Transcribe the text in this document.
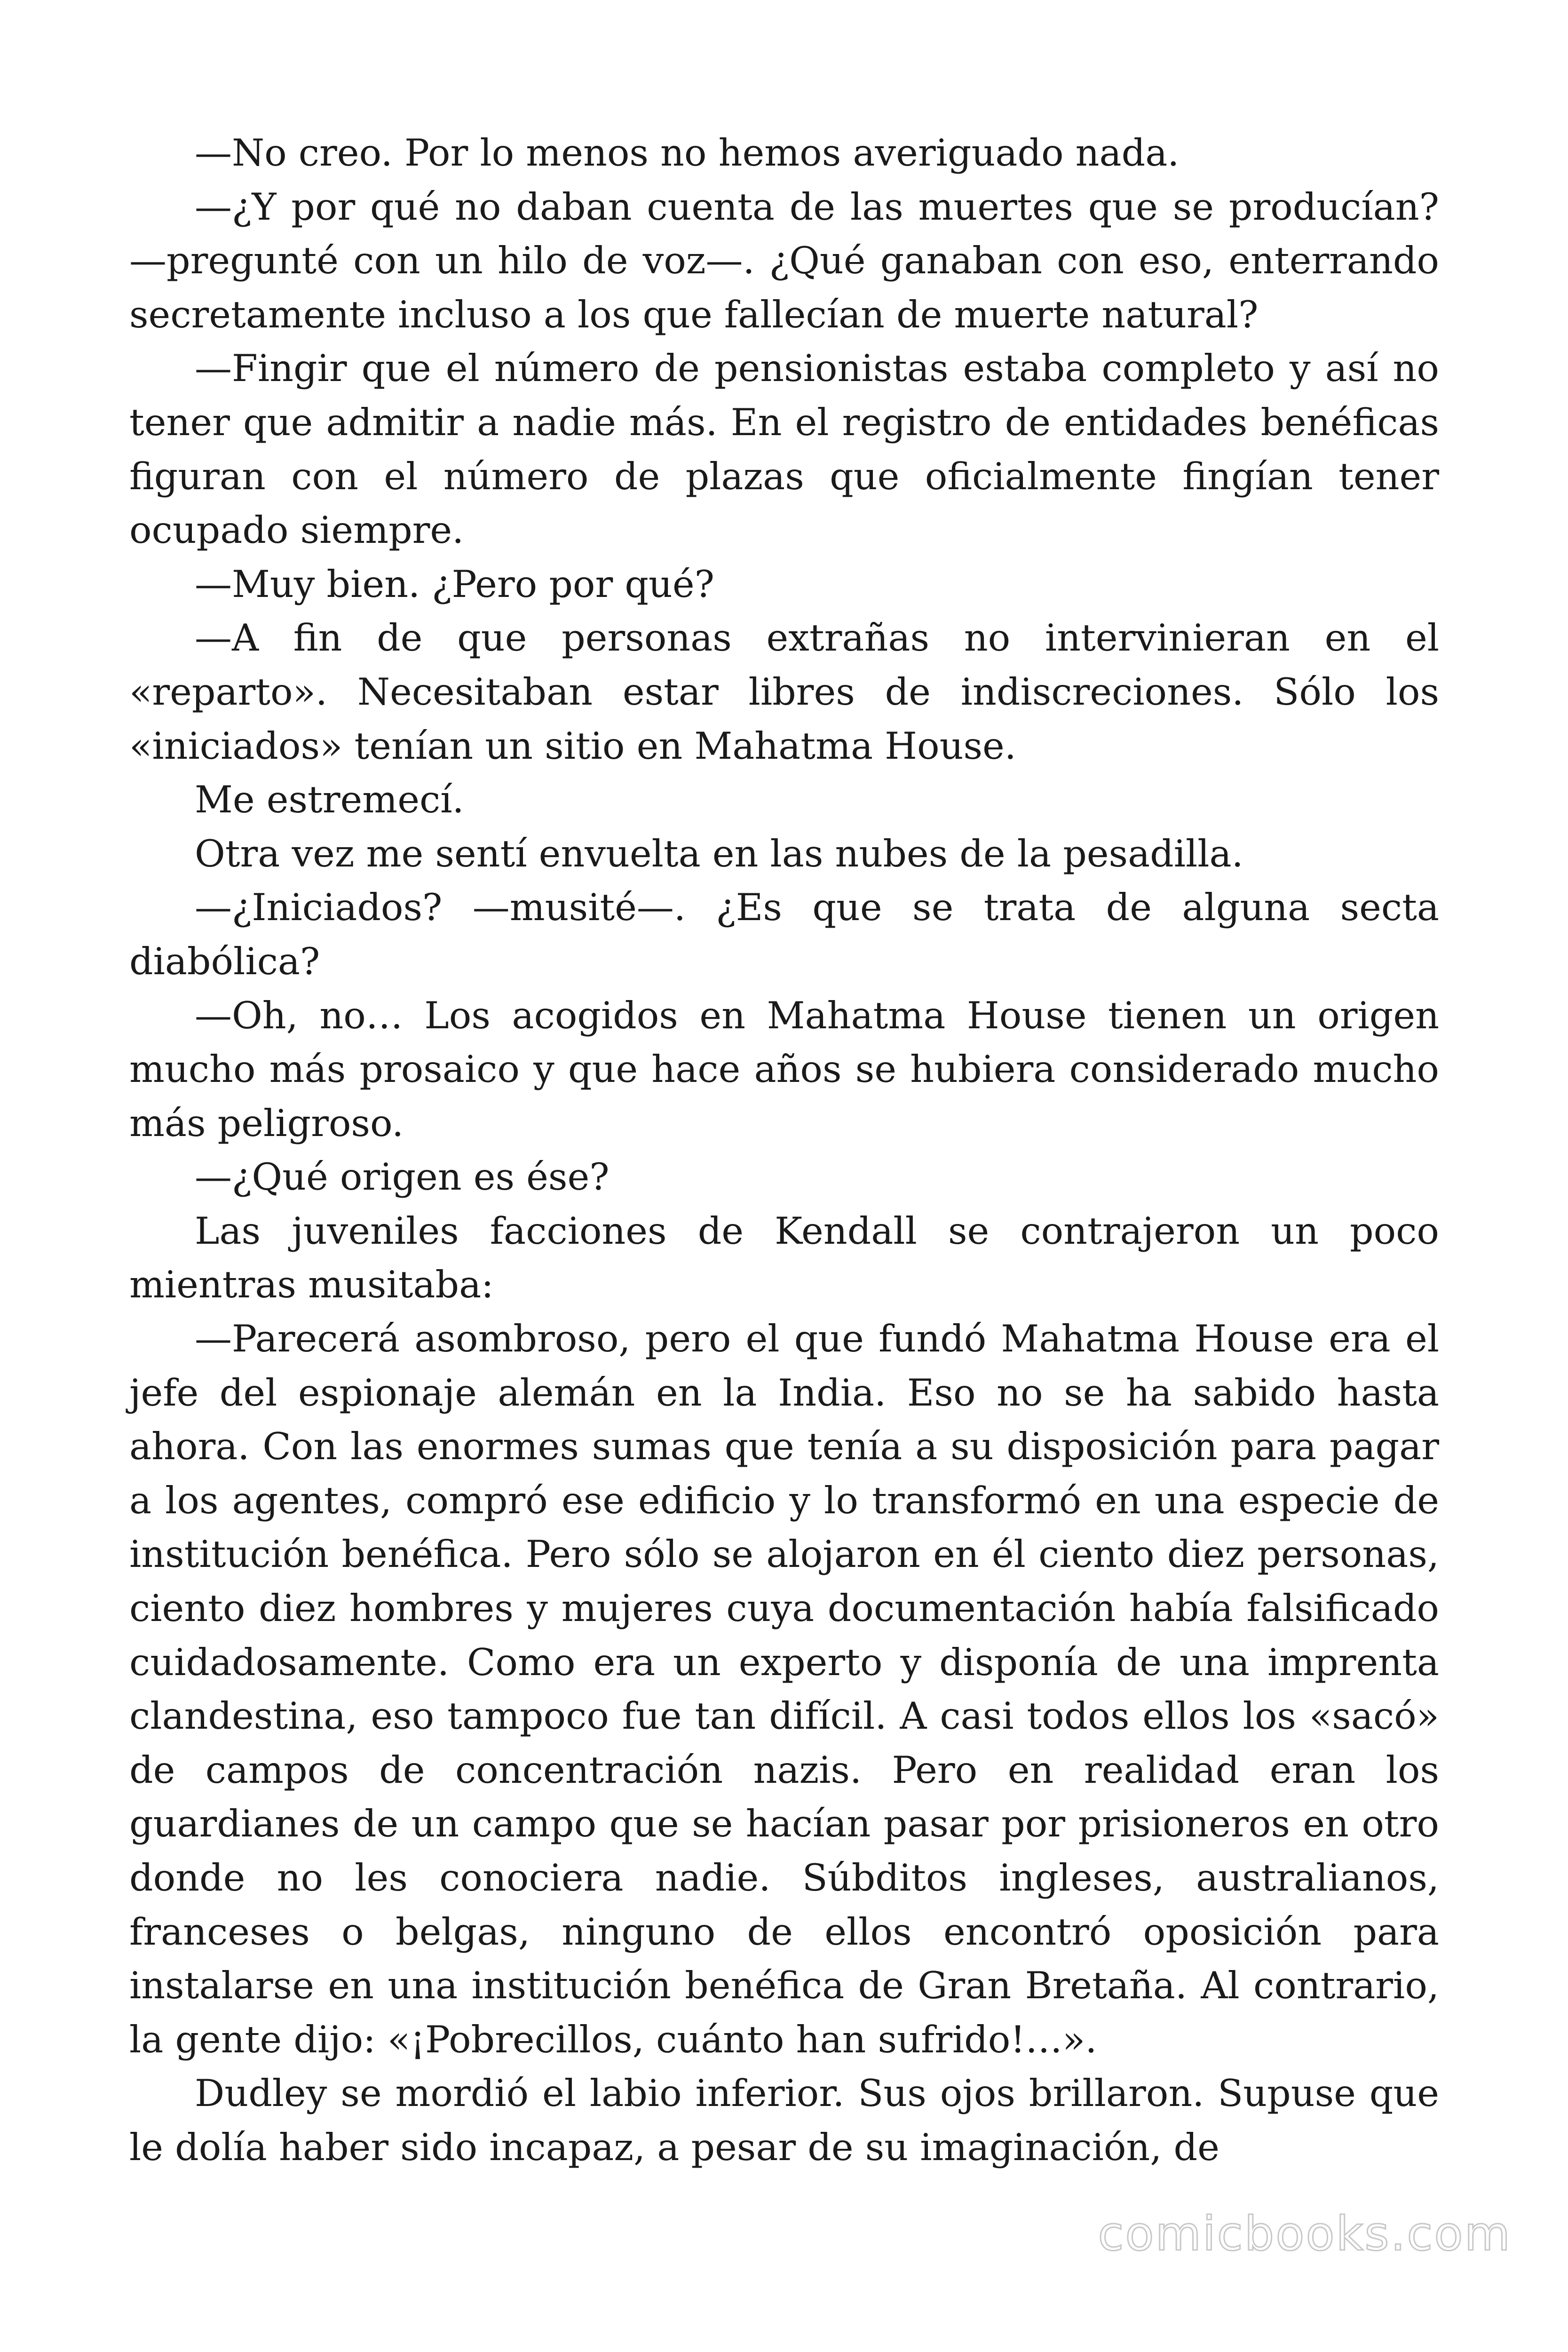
—No creo. Por lo menos no hemos averiguado nada.

—¿Y por qué no daban cuenta de las muertes que se producían? —pregunté con un hilo de voz—. ¿Qué ganaban con eso, enterrando secretamente incluso a los que fallecían de muerte natural?

—Fingir que el número de pensionistas estaba completo y así no tener que admitir a nadie más. En el registro de entidades benéficas figuran con el número de plazas que oficialmente fingían tener ocupado siempre.

—Muy bien. ¿Pero por qué?

—A fin de que personas extrañas no intervinieran en el «reparto». Necesitaban estar libres de indiscreciones. Sólo los «iniciados» tenían un sitio en Mahatma House.

Me estremecí.

Otra vez me sentí envuelta en las nubes de la pesadilla.

—¿Iniciados? —musité—. ¿Es que se trata de alguna secta diabólica?

—Oh, no… Los acogidos en Mahatma House tienen un origen mucho más prosaico y que hace años se hubiera considerado mucho más peligroso.

—¿Qué origen es ése?

Las juveniles facciones de Kendall se contrajeron un poco mientras musitaba:

—Parecerá asombroso, pero el que fundó Mahatma House era el jefe del espionaje alemán en la India. Eso no se ha sabido hasta ahora. Con las enormes sumas que tenía a su disposición para pagar a los agentes, compró ese edificio y lo transformó en una especie de institución benéfica. Pero sólo se alojaron en él ciento diez personas, ciento diez hombres y mujeres cuya documentación había falsificado cuidadosamente. Como era un experto y disponía de una imprenta clandestina, eso tampoco fue tan difícil. A casi todos ellos los «sacó» de campos de concentración nazis. Pero en realidad eran los guardianes de un campo que se hacían pasar por prisioneros en otro donde no les conociera nadie. Súbditos ingleses, australianos, franceses o belgas, ninguno de ellos encontró oposición para instalarse en una institución benéfica de Gran Bretaña. Al contrario, la gente dijo: «¡Pobrecillos, cuánto han sufrido!…».

Dudley se mordió el labio inferior. Sus ojos brillaron. Supuse que le dolía haber sido incapaz, a pesar de su imaginación, de

comicbooks.com
